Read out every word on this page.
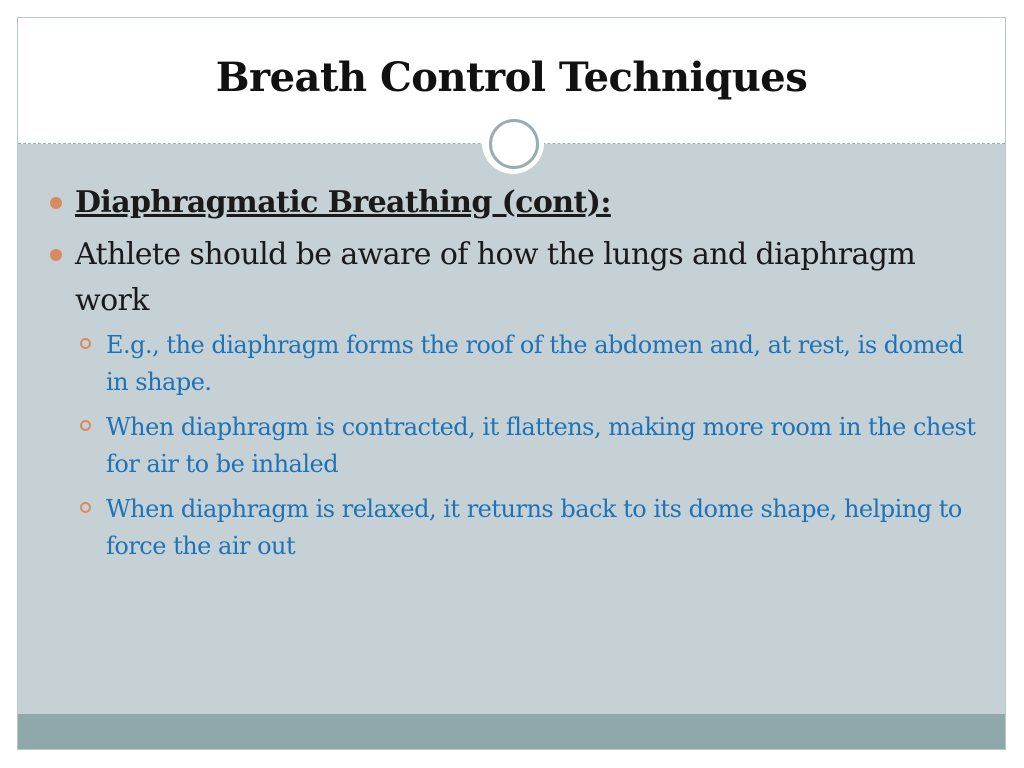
Breath Control Techniques
Diaphragmatic Breathing (cont):
Athlete should be aware of how the lungs and diaphragm work
E.g., the diaphragm forms the roof of the abdomen and, at rest, is domed in shape.
When diaphragm is contracted, it flattens, making more room in the chest for air to be inhaled
When diaphragm is relaxed, it returns back to its dome shape, helping to force the air out
